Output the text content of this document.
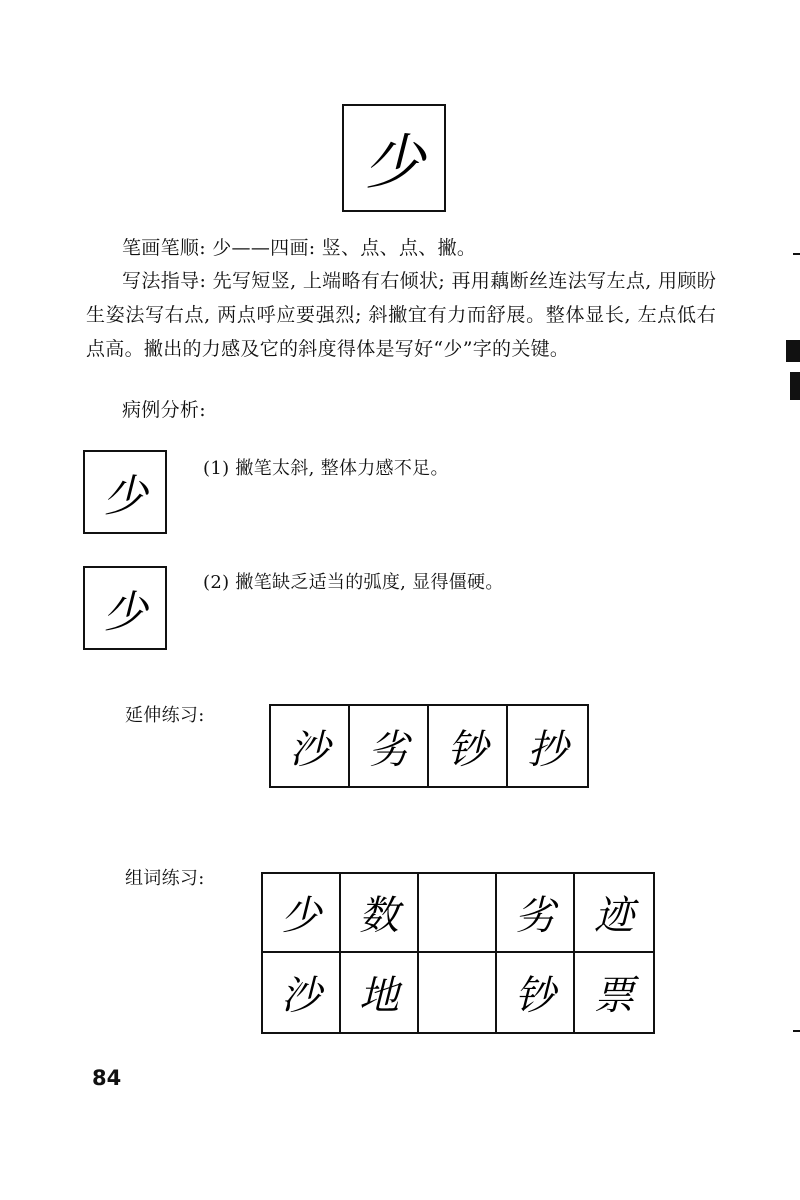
少
笔画笔顺: 少——四画: 竖、点、点、撇。
写法指导: 先写短竖, 上端略有右倾状; 再用藕断丝连法写左点, 用顾盼生姿法写右点, 两点呼应要强烈; 斜撇宜有力而舒展。整体显长, 左点低右点高。撇出的力感及它的斜度得体是写好“少”字的关键。
病例分析:
少
(1) 撇笔太斜, 整体力感不足。
少
(2) 撇笔缺乏适当的弧度, 显得僵硬。
延伸练习:
沙 劣 钞	抄
组词练习:
少 数	劣 迹
沙 地	钞 票
84
